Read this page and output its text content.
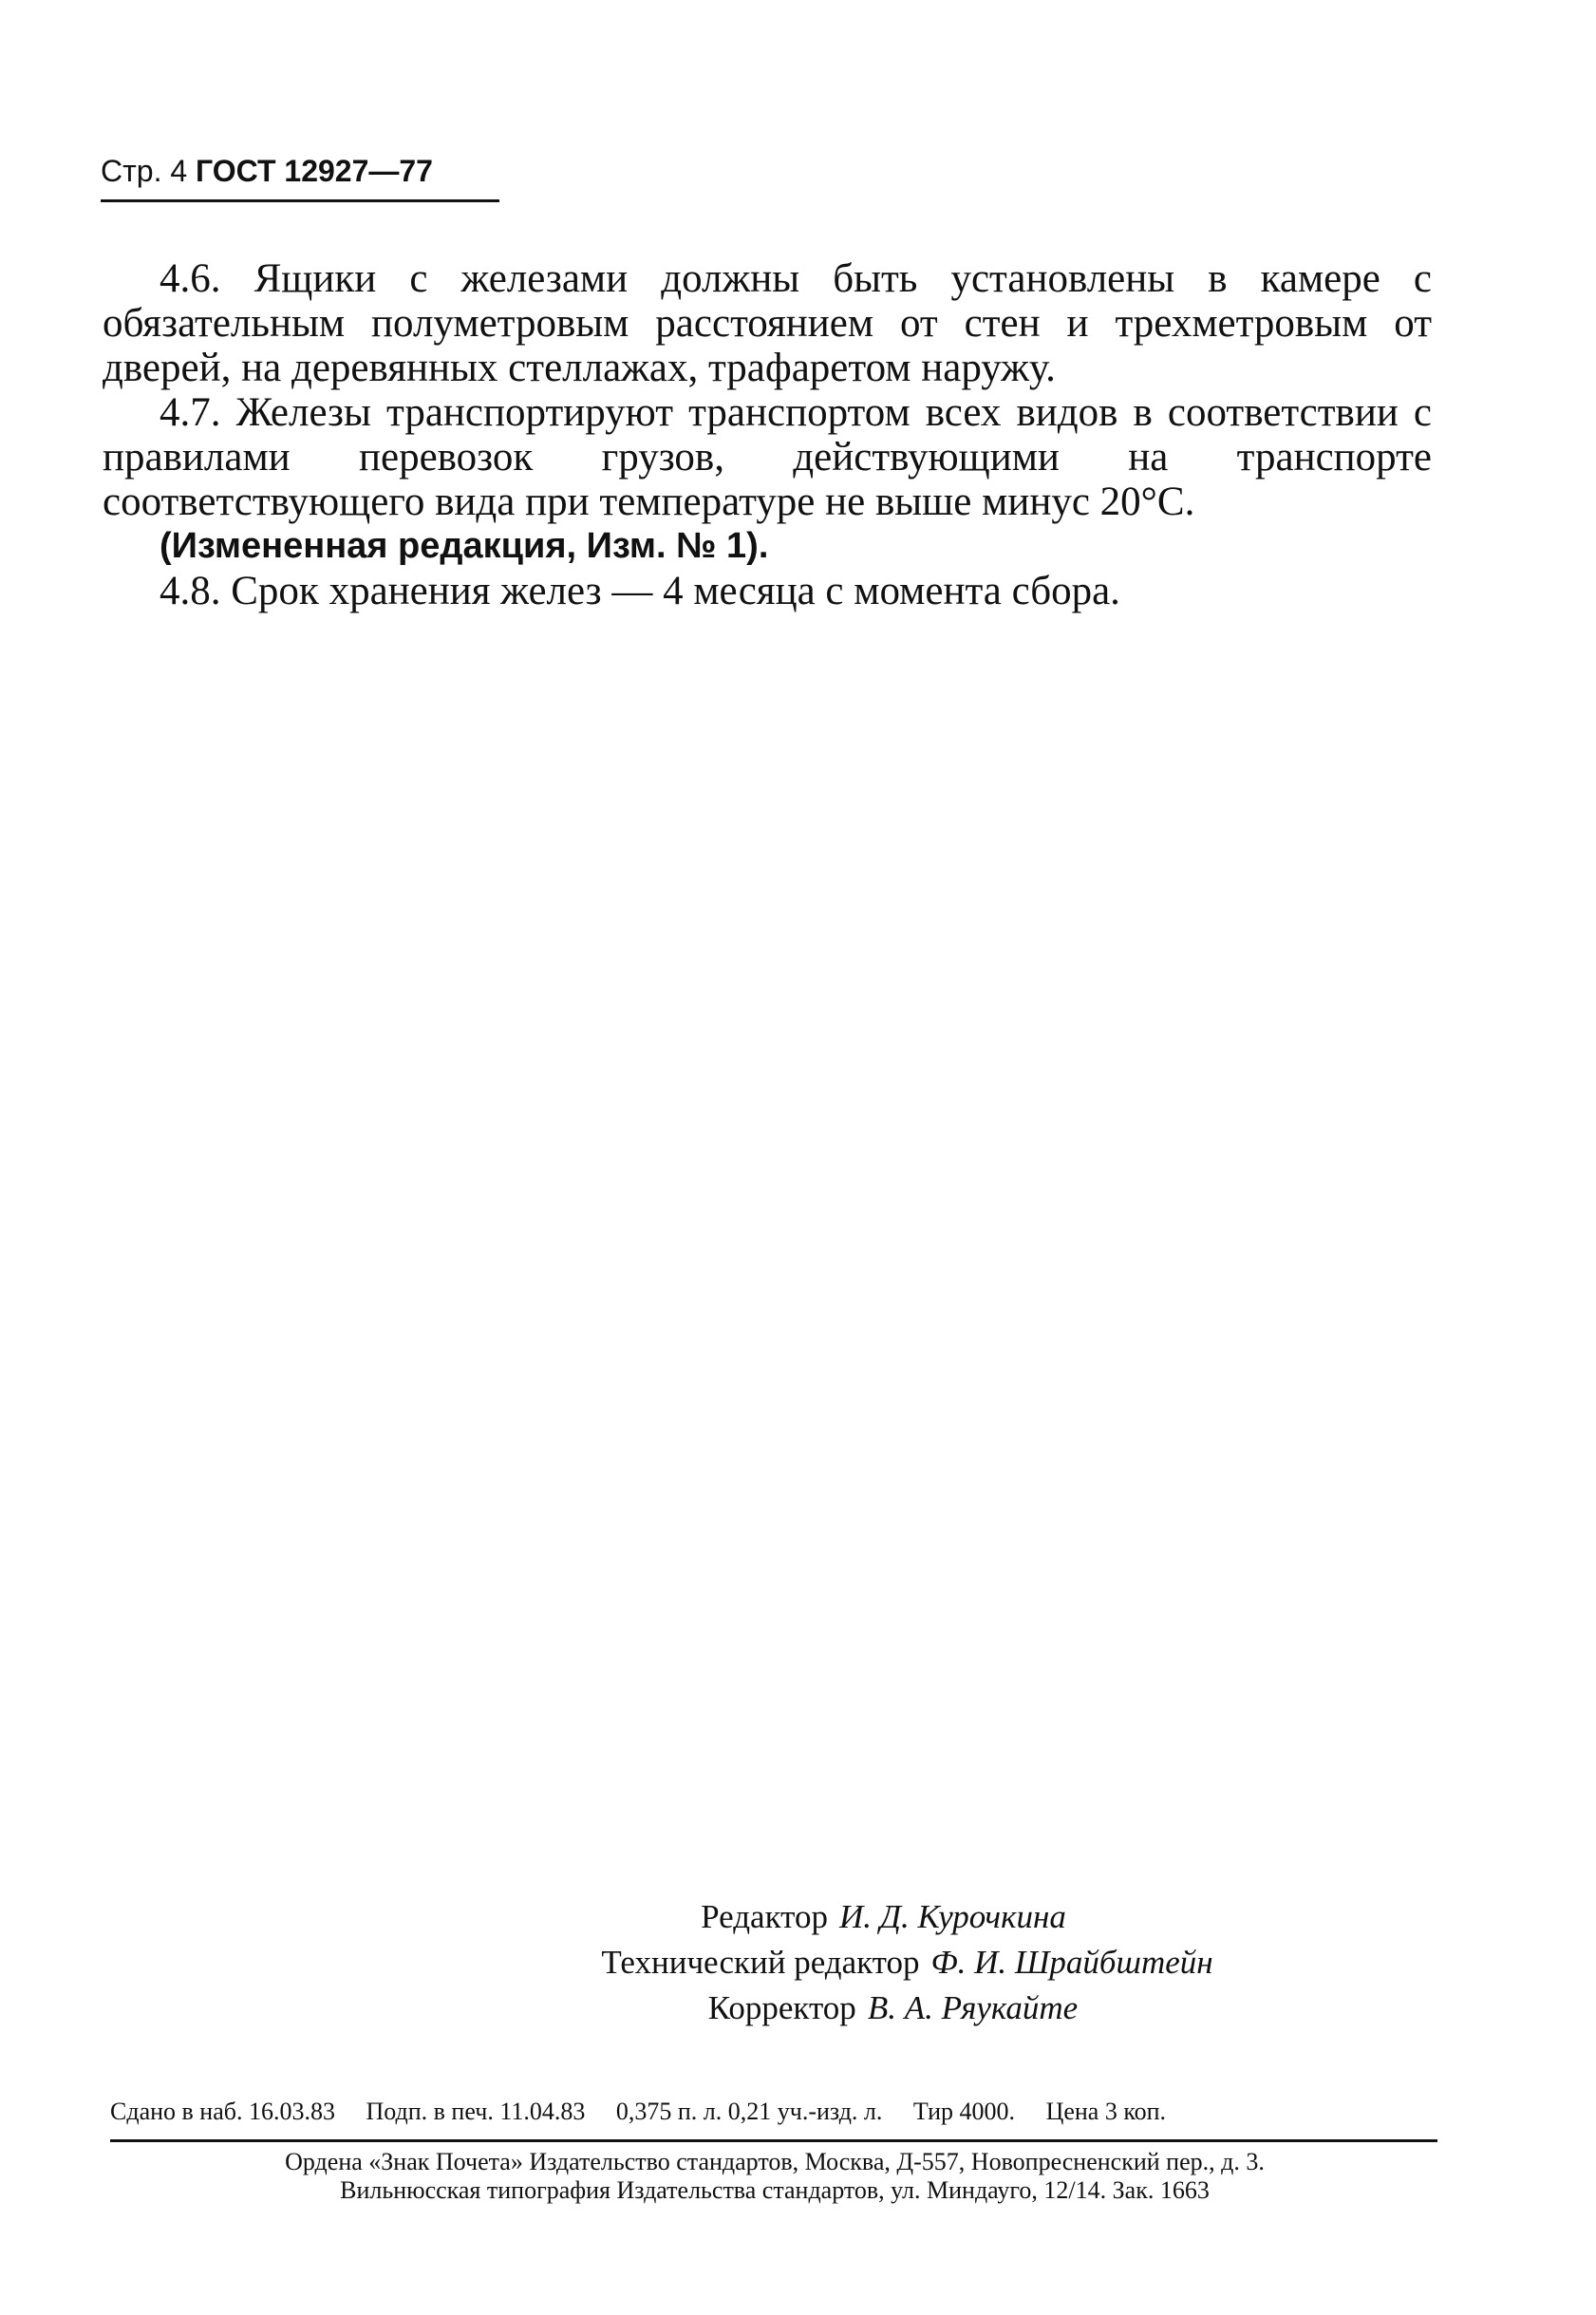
Стр. 4 ГОСТ 12927—77

4.6. Ящики с железами должны быть установлены в камере с обязательным полуметровым расстоянием от стен и трехметровым от дверей, на деревянных стеллажах, трафаретом наружу.

4.7. Железы транспортируют транспортом всех видов в соответствии с правилами перевозок грузов, действующими на транспорте соответствующего вида при температуре не выше минус 20°С.

(Измененная редакция, Изм. № 1).

4.8. Срок хранения желез — 4 месяца с момента сбора.

Редактор И. Д. Курочкина
Технический редактор Ф. И. Шрайбштейн
Корректор В. А. Ряукайте
Сдано в наб. 16.03.83 Подп. в печ. 11.04.83 0,375 п. л. 0,21 уч.-изд. л. Тир 4000. Цена 3 коп.
Ордена «Знак Почета» Издательство стандартов, Москва, Д-557, Новопресненский пер., д. 3.
Вильнюсская типография Издательства стандартов, ул. Миндауго, 12/14. Зак. 1663
